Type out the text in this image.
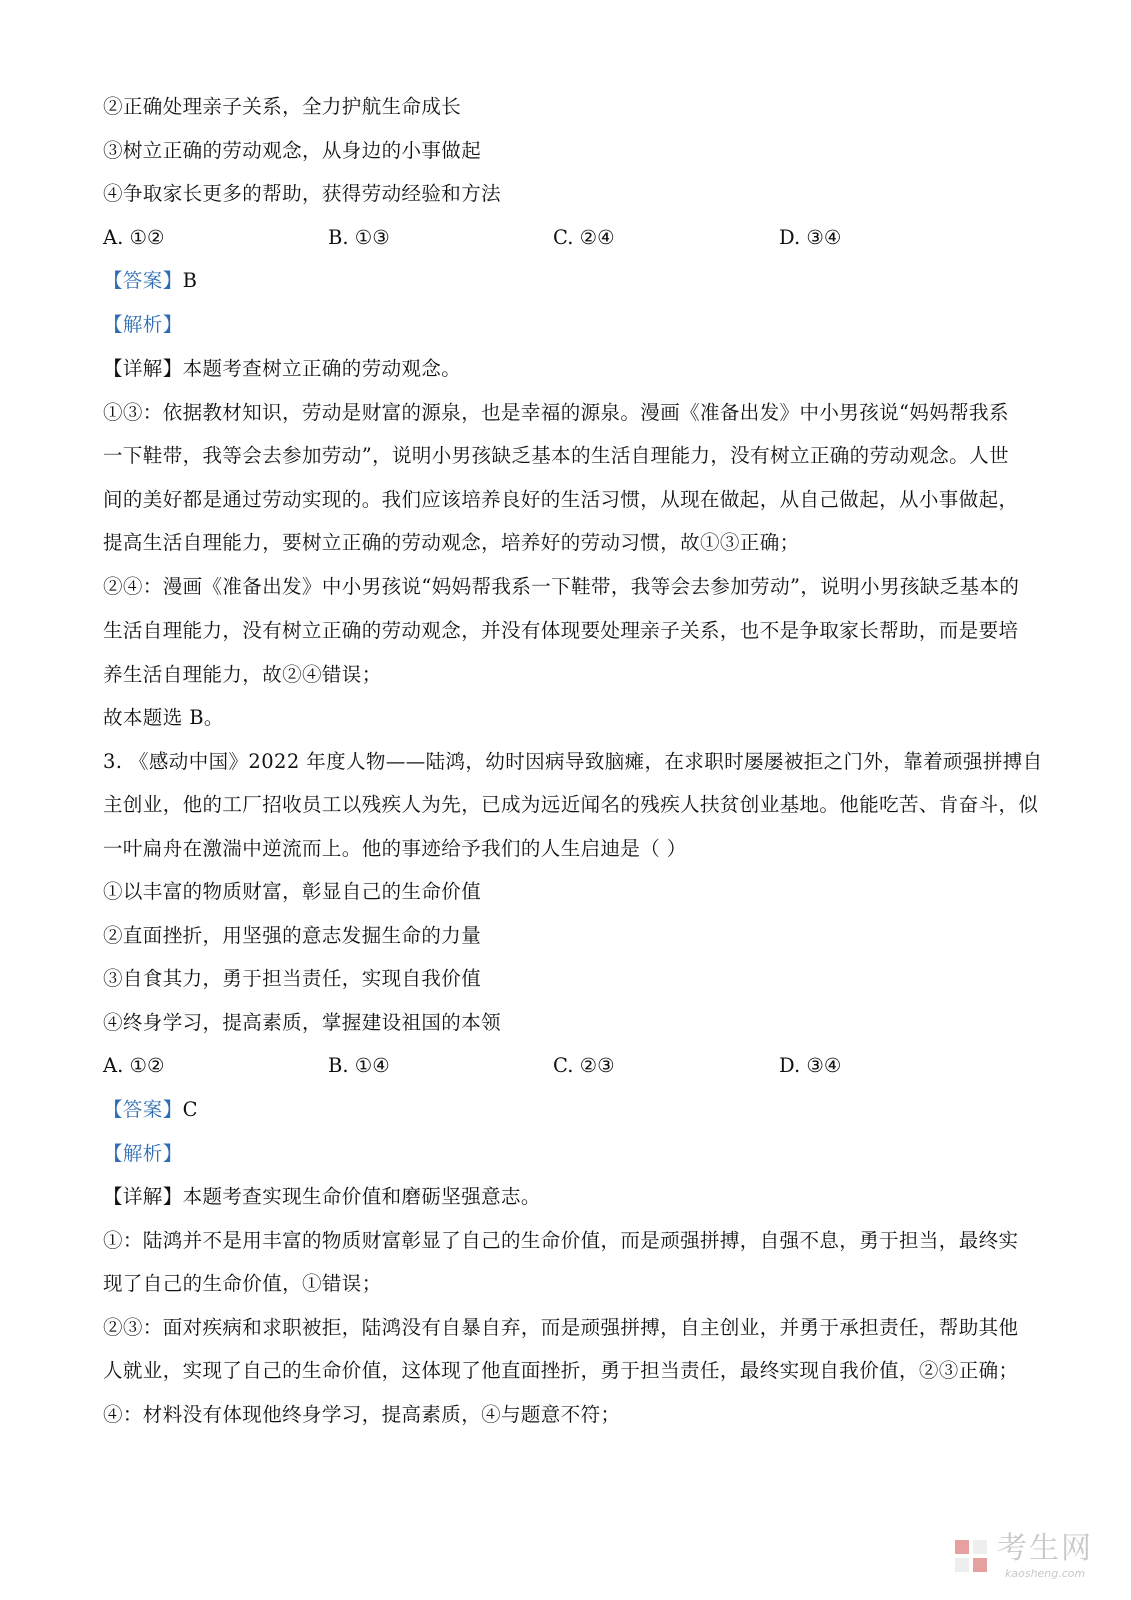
②正确处理亲子关系，全力护航生命成长
③树立正确的劳动观念，从身边的小事做起
④争取家长更多的帮助，获得劳动经验和方法
A. ①②	B. ①③	C. ②④	D. ③④
【答案】B
【解析】
【详解】本题考查树立正确的劳动观念。
①③：依据教材知识，劳动是财富的源泉，也是幸福的源泉。漫画《准备出发》中小男孩说“妈妈帮我系
一下鞋带，我等会去参加劳动”，说明小男孩缺乏基本的生活自理能力，没有树立正确的劳动观念。人世
间的美好都是通过劳动实现的。我们应该培养良好的生活习惯，从现在做起，从自己做起，从小事做起，
提高生活自理能力，要树立正确的劳动观念，培养好的劳动习惯，故①③正确；
②④：漫画《准备出发》中小男孩说“妈妈帮我系一下鞋带，我等会去参加劳动”，说明小男孩缺乏基本的
生活自理能力，没有树立正确的劳动观念，并没有体现要处理亲子关系，也不是争取家长帮助，而是要培
养生活自理能力，故②④错误；
故本题选 B。
3. 《感动中国》2022 年度人物——陆鸿，幼时因病导致脑瘫，在求职时屡屡被拒之门外，靠着顽强拼搏自
主创业，他的工厂招收员工以残疾人为先，已成为远近闻名的残疾人扶贫创业基地。他能吃苦、肯奋斗，似
一叶扁舟在激湍中逆流而上。他的事迹给予我们的人生启迪是（ ）
①以丰富的物质财富，彰显自己的生命价值
②直面挫折，用坚强的意志发掘生命的力量
③自食其力，勇于担当责任，实现自我价值
④终身学习，提高素质，掌握建设祖国的本领
A. ①②	B. ①④	C. ②③	D. ③④
【答案】C
【解析】
【详解】本题考查实现生命价值和磨砺坚强意志。
①：陆鸿并不是用丰富的物质财富彰显了自己的生命价值，而是顽强拼搏，自强不息，勇于担当，最终实
现了自己的生命价值，①错误；
②③：面对疾病和求职被拒，陆鸿没有自暴自弃，而是顽强拼搏，自主创业，并勇于承担责任，帮助其他
人就业，实现了自己的生命价值，这体现了他直面挫折，勇于担当责任，最终实现自我价值，②③正确；
④：材料没有体现他终身学习，提高素质，④与题意不符；
考生网
kaosheng.com
